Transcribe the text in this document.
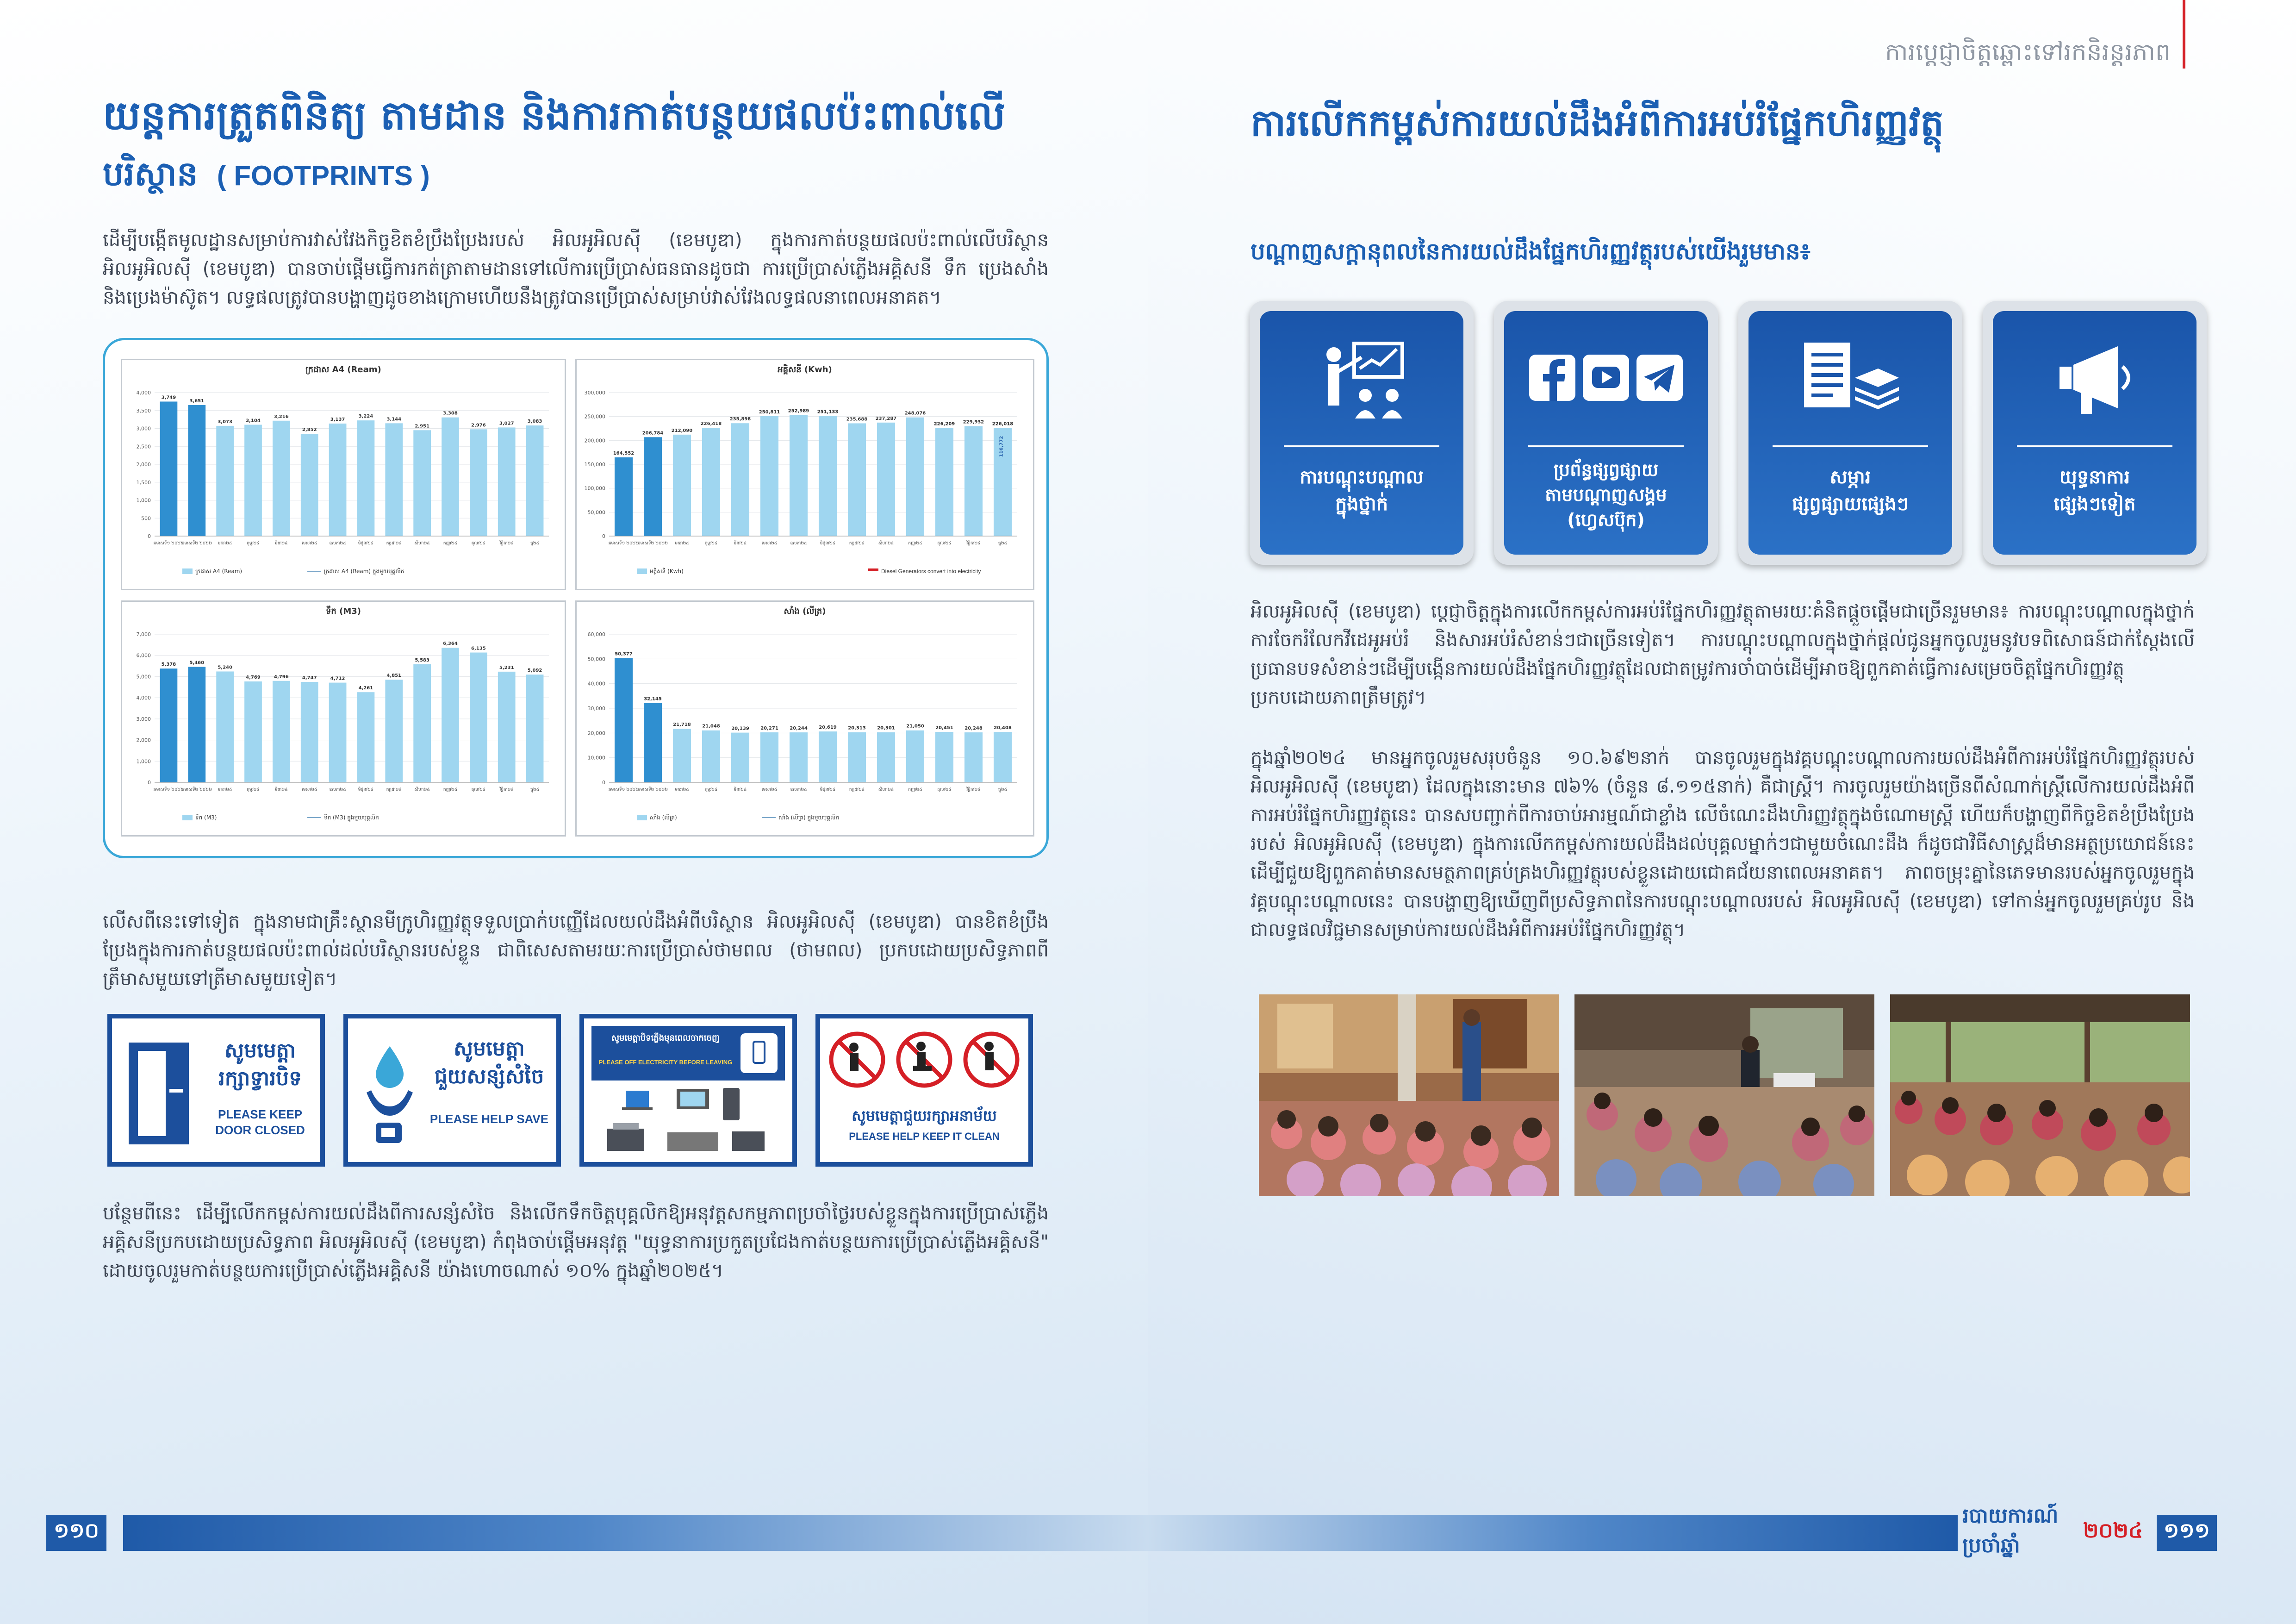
យន្តការត្រួតពិនិត្យ តាមដាន និងការកាត់បន្ថយផលប៉ះពាល់លើ
បរិស្ថាន ( FOOTPRINTS )

ដើម្បីបង្កើតមូលដ្ឋានសម្រាប់ការវាស់វែងកិច្ចខិតខំប្រឹងប្រែងរបស់ អិលអូអិលស៊ី (ខេមបូឌា) ក្នុងការកាត់បន្ថយផលប៉ះពាល់លើបរិស្ថាន អិលអូអិលស៊ី (ខេមបូឌា) បានចាប់ផ្ដើមធ្វើការកត់ត្រាតាមដានទៅលើការប្រើប្រាស់ធនធានដូចជា ការប្រើប្រាស់ភ្លើងអគ្គិសនី ទឹក ប្រេងសាំង និងប្រេងម៉ាស៊ូត។ លទ្ធផលត្រូវបានបង្ហាញដូចខាងក្រោមហើយនឹងត្រូវបានប្រើប្រាស់សម្រាប់វាស់វែងលទ្ធផលនាពេលអនាគត។

ក្រដាស A4 (Ream)
0
500
1,000
1,500
2,000
2,500
3,000
3,500
4,000
3,749
ឆមាសទី១ ២០២២
3,651
ឆមាសទី២ ២០២២
3,073
មករា២៤
3,104
កុម្ភៈ២៤
3,216
មីនា២៤
2,852
មេសា២៤
3,137
ឧសភា២៤
3,224
មិថុនា២៤
3,144
កក្កដា២៤
2,951
សីហា២៤
3,308
កញ្ញា២៤
2,976
តុលា២៤
3,027
វិច្ឆិកា២៤
3,083
ធ្នូ២៤
ក្រដាស A4 (Ream)	ក្រដាស A4 (Ream) ក្នុងមួយបុគ្គលិក
អគ្គិសនី (Kwh)
0
50,000
100,000
150,000
200,000
250,000
300,000
164,552
ឆមាសទី១ ២០២២
206,784
ឆមាសទី២ ២០២២
212,090
មករា២៤
226,418
កុម្ភៈ២៤
235,898
មីនា២៤
250,811
មេសា២៤
252,989
ឧសភា២៤
251,133
មិថុនា២៤
235,688
កក្កដា២៤
237,287
សីហា២៤
248,076
កញ្ញា២៤
226,209
តុលា២៤
229,932
វិច្ឆិកា២៤
226,018
ធ្នូ២៤
អគ្គិសនី (Kwh)	Diesel Generators convert into electricity
116,772
ទឹក (M3)
0
1,000
2,000
3,000
4,000
5,000
6,000
7,000
5,378
ឆមាសទី១ ២០២២
5,460
ឆមាសទី២ ២០២២
5,240
មករា២៤
4,769
កុម្ភៈ២៤
4,796
មីនា២៤
4,747
មេសា២៤
4,712
ឧសភា២៤
4,261
មិថុនា២៤
4,851
កក្កដា២៤
5,583
សីហា២៤
6,364
កញ្ញា២៤
6,135
តុលា២៤
5,231
វិច្ឆិកា២៤
5,092
ធ្នូ២៤
ទឹក (M3)	ទឹក (M3) ក្នុងមួយបុគ្គលិក
សាំង (លីត្រ)
0
10,000
20,000
30,000
40,000
50,000
60,000
50,377
ឆមាសទី១ ២០២២
32,145
ឆមាសទី២ ២០២២
21,718
មករា២៤
21,048
កុម្ភៈ២៤
20,139
មីនា២៤
20,271
មេសា២៤
20,244
ឧសភា២៤
20,619
មិថុនា២៤
20,313
កក្កដា២៤
20,301
សីហា២៤
21,050
កញ្ញា២៤
20,451
តុលា២៤
20,248
វិច្ឆិកា២៤
20,408
ធ្នូ២៤
សាំង (លីត្រ)	សាំង (លីត្រ) ក្នុងមួយបុគ្គលិក

លើសពីនេះទៅទៀត ក្នុងនាមជាគ្រឹះស្ថានមីក្រូហិរញ្ញវត្ថុទទួលប្រាក់បញ្ញើដែលយល់ដឹងអំពីបរិស្ថាន អិលអូអិលស៊ី (ខេមបូឌា) បានខិតខំប្រឹងប្រែងក្នុងការកាត់បន្ថយផលប៉ះពាល់ដល់បរិស្ថានរបស់ខ្លួន ជាពិសេសតាមរយៈការប្រើប្រាស់ថាមពល (ថាមពល) ប្រកបដោយប្រសិទ្ធភាពពីត្រឹមាសមួយទៅត្រីមាសមួយទៀត។

សូមមេត្តា
រក្សាទ្វារបិទ
PLEASE KEEP
DOOR CLOSED
សូមមេត្តា
ជួយសន្សំសំចៃ
PLEASE HELP SAVE
សូមមេត្តាបិទភ្លើងមុនពេលចាកចេញ
PLEASE OFF ELECTRICITY BEFORE LEAVING
សូមមេត្តាជួយរក្សាអនាម័យ
PLEASE HELP KEEP IT CLEAN

បន្ថែមពីនេះ ដើម្បីលើកកម្ពស់ការយល់ដឹងពីការសន្សំសំចៃ និងលើកទឹកចិត្តបុគ្គលិកឱ្យអនុវត្តសកម្មភាពប្រចាំថ្ងៃរបស់ខ្លួនក្នុងការប្រើប្រាស់ភ្លើងអគ្គិសនីប្រកបដោយប្រសិទ្ធភាព អិលអូអិលស៊ី (ខេមបូឌា) កំពុងចាប់ផ្ដើមអនុវត្ត "យុទ្ធនាការប្រកួតប្រជែងកាត់បន្ថយការប្រើប្រាស់ភ្លើងអគ្គិសនី" ដោយចូលរួមកាត់បន្ថយការប្រើប្រាស់ភ្លើងអគ្គិសនី យ៉ាងហោចណាស់ ១០% ក្នុងឆ្នាំ២០២៥។

១១០
ការប្តេជ្ញាចិត្តឆ្ពោះទៅរកនិរន្តរភាព
ការលើកកម្ពស់ការយល់ដឹងអំពីការអប់រំផ្នែកហិរញ្ញវត្ថុ
បណ្តាញសក្តានុពលនៃការយល់ដឹងផ្នែកហិរញ្ញវត្ថុរបស់យើងរួមមាន៖
ការបណ្តុះបណ្តាល
ក្នុងថ្នាក់
ប្រព័ន្ធផ្សព្វផ្សាយ
តាមបណ្តាញសង្គម
(ហ្វេសប៊ុក)
សម្ភារ
ផ្សព្វផ្សាយផ្សេងៗ
យុទ្ធនាការ
ផ្សេងៗទៀត

អិលអូអិលស៊ី (ខេមបូឌា) ប្តេជ្ញាចិត្តក្នុងការលើកកម្ពស់ការអប់រំផ្នែកហិរញ្ញវត្ថុតាមរយៈគំនិតផ្តួចផ្តើមជាច្រើនរួមមាន៖ ការបណ្តុះបណ្តាលក្នុងថ្នាក់ ការចែករំលែកវីដេអូអប់រំ និងសារអប់រំសំខាន់ៗជាច្រើនទៀត។ ការបណ្តុះបណ្តាលក្នុងថ្នាក់ផ្តល់ជូនអ្នកចូលរួមនូវបទពិសោធន៍ជាក់ស្តែងលើប្រធានបទសំខាន់ៗដើម្បីបង្កើនការយល់ដឹងផ្នែកហិរញ្ញវត្ថុដែលជាតម្រូវការចាំបាច់ដើម្បីអាចឱ្យពួកគាត់ធ្វើការសម្រេចចិត្តផ្នែកហិរញ្ញវត្ថុប្រកបដោយភាពត្រឹមត្រូវ។

ក្នុងឆ្នាំ២០២៤ មានអ្នកចូលរួមសរុបចំនួន ១០.៦៩២នាក់ បានចូលរួមក្នុងវគ្គបណ្តុះបណ្តាលការយល់ដឹងអំពីការអប់រំផ្នែកហិរញ្ញវត្ថុរបស់ អិលអូអិលស៊ី (ខេមបូឌា) ដែលក្នុងនោះមាន ៧៦% (ចំនួន ៨.១១៥នាក់) គឺជាស្ត្រី។ ការចូលរួមយ៉ាងច្រើនពីសំណាក់ស្ត្រីលើការយល់ដឹងអំពីការអប់រំផ្នែកហិរញ្ញវត្ថុនេះ បានសបញ្ជាក់ពីការចាប់អារម្មណ៍ជាខ្លាំង លើចំណេះដឹងហិរញ្ញវត្ថុក្នុងចំណោមស្ត្រី ហើយក៏បង្ហាញពីកិច្ចខិតខំប្រឹងប្រែងរបស់ អិលអូអិលស៊ី (ខេមបូឌា) ក្នុងការលើកកម្ពស់ការយល់ដឹងដល់បុគ្គលម្នាក់ៗជាមួយចំណេះដឹង ក៏ដូចជាវិធីសាស្ត្រដ៏មានអត្ថប្រយោជន៍នេះដើម្បីជួយឱ្យពួកគាត់មានសមត្ថភាពគ្រប់គ្រងហិរញ្ញវត្ថុរបស់ខ្លួនដោយជោគជ័យនាពេលអនាគត។ ភាពចម្រុះគ្នានៃភេទមានរបស់អ្នកចូលរួមក្នុងវគ្គបណ្តុះបណ្តាលនេះ បានបង្ហាញឱ្យឃើញពីប្រសិទ្ធភាពនៃការបណ្តុះបណ្តាលរបស់ អិលអូអិលស៊ី (ខេមបូឌា) ទៅកាន់អ្នកចូលរួមគ្រប់រូប និងជាលទ្ធផលវិជ្ជមានសម្រាប់ការយល់ដឹងអំពីការអប់រំផ្នែកហិរញ្ញវត្ថុ។

របាយការណ៍ប្រចាំឆ្នាំ
២០២៤	១១១
